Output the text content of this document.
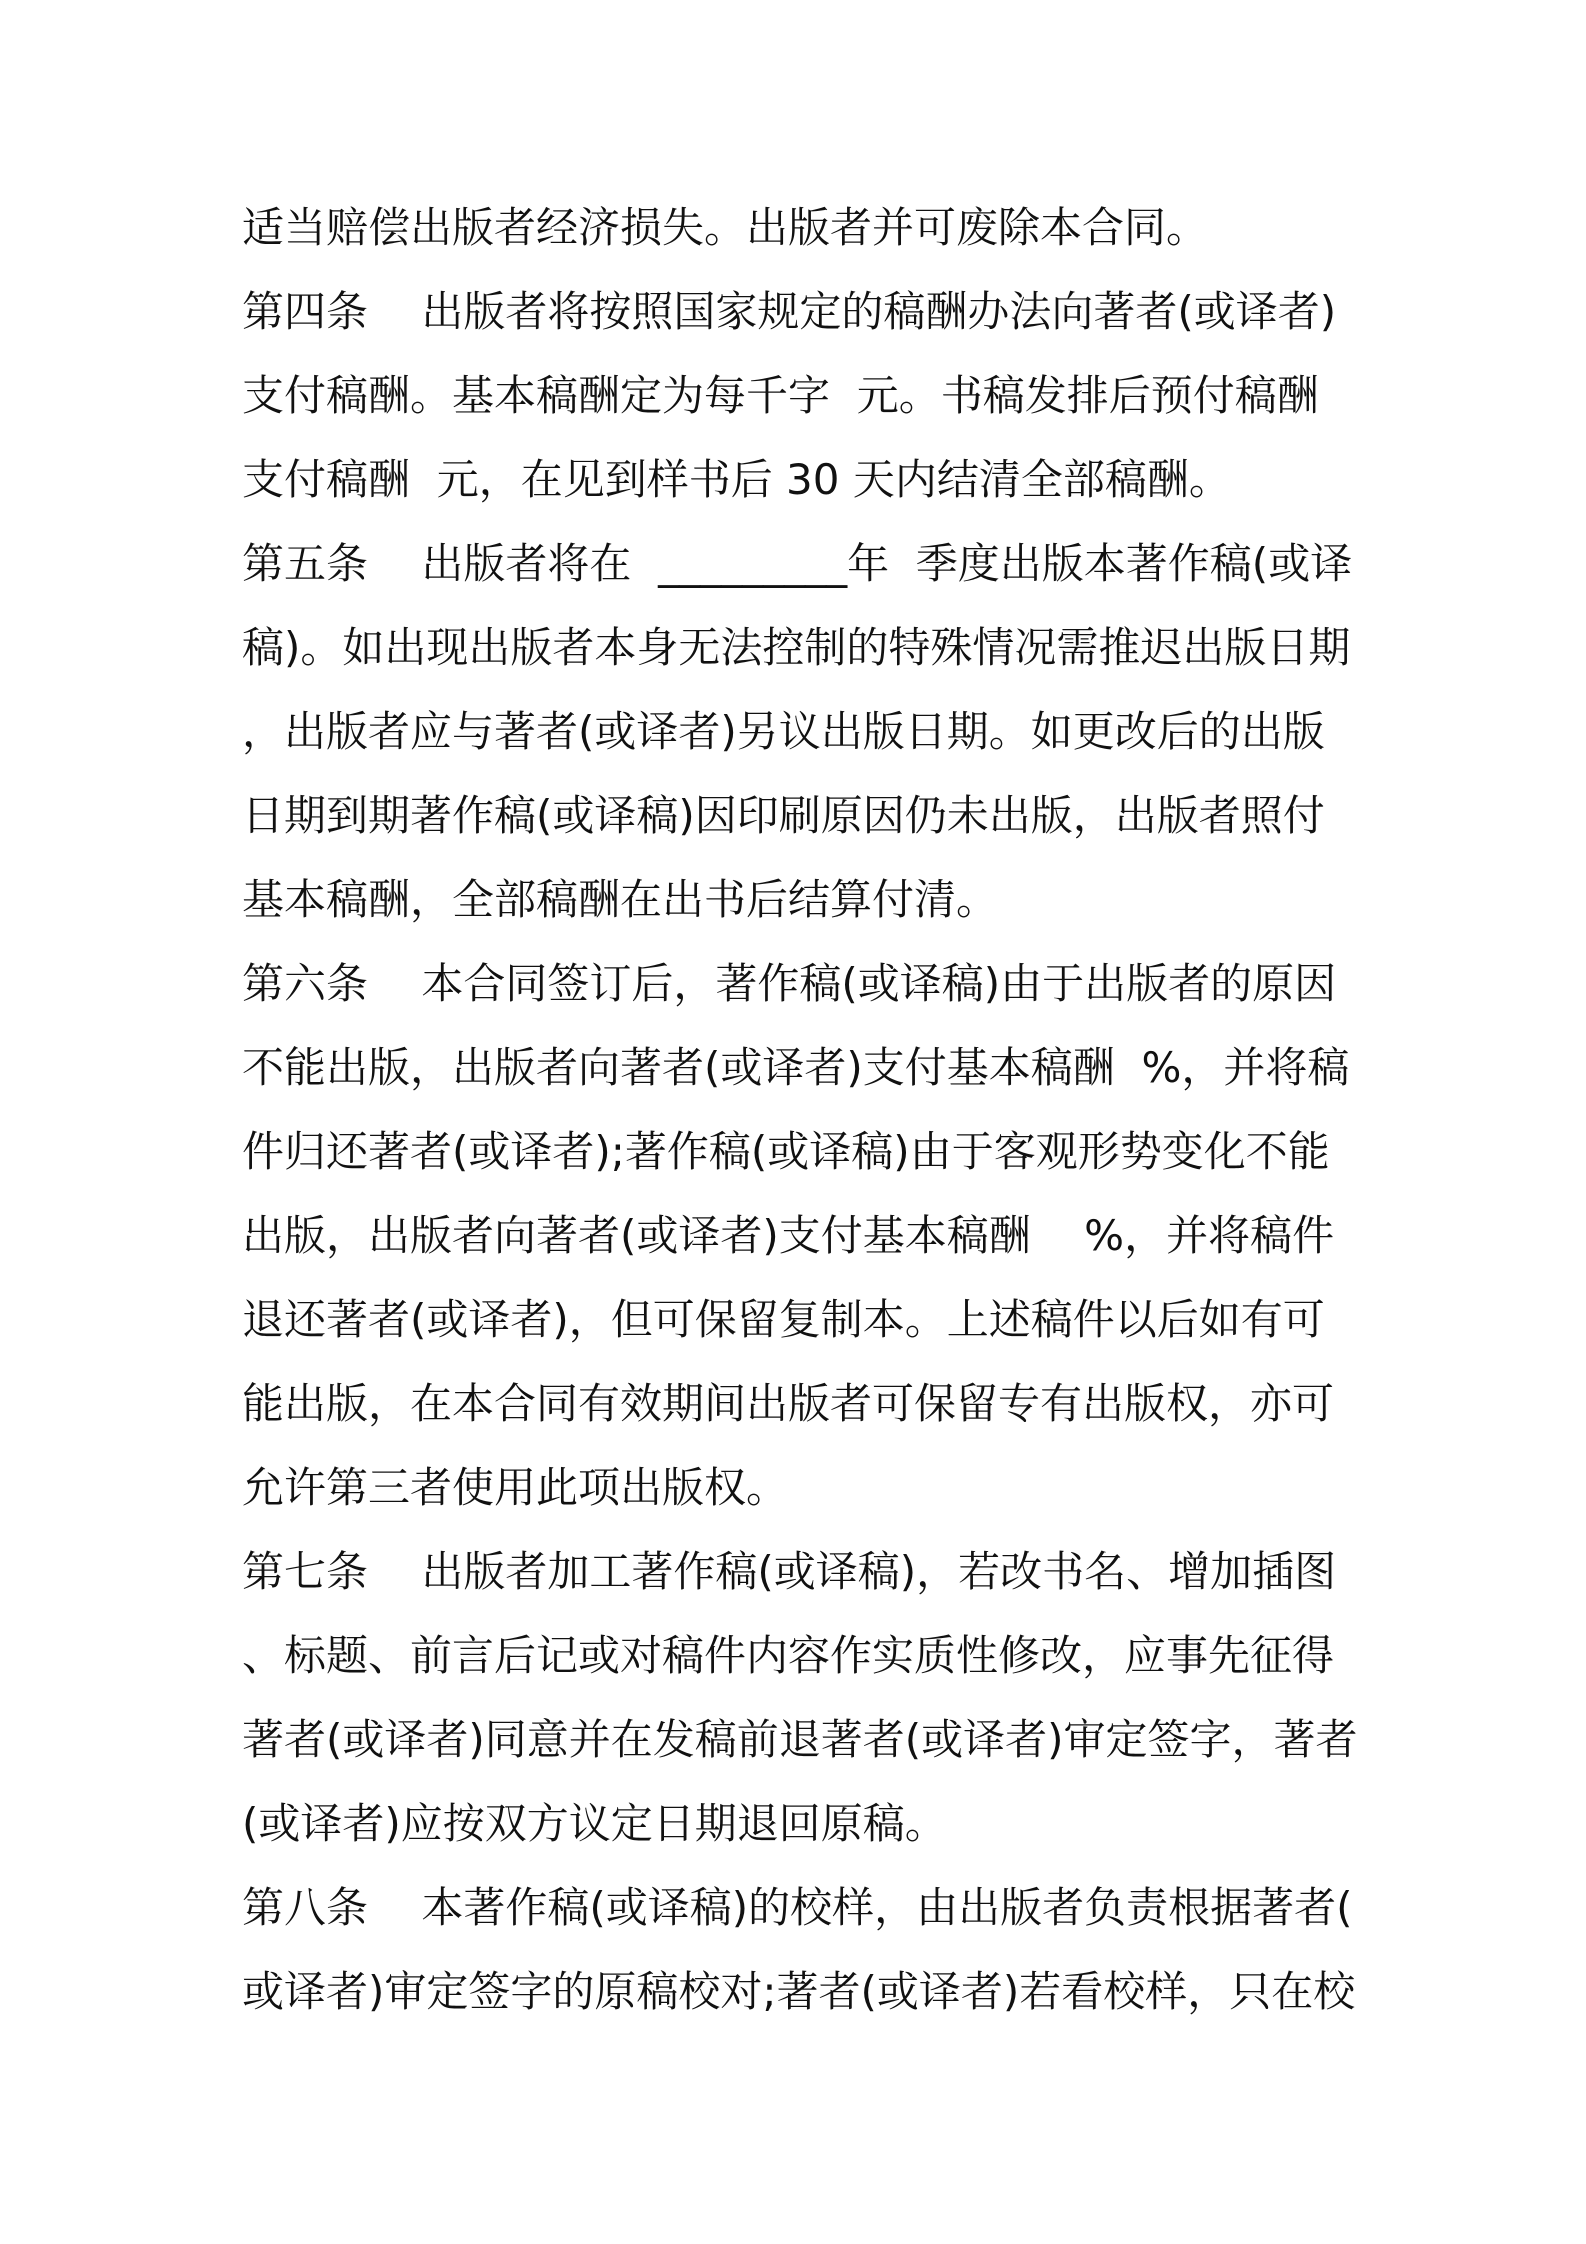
适当赔偿出版者经济损失。出版者并可废除本合同。
第四条    出版者将按照国家规定的稿酬办法向著者(或译者)
支付稿酬。基本稿酬定为每千字  元。书稿发排后预付稿酬
支付稿酬  元，在见到样书后 30 天内结清全部稿酬。
第五条    出版者将在  _________年  季度出版本著作稿(或译
稿)。如出现出版者本身无法控制的特殊情况需推迟出版日期
，出版者应与著者(或译者)另议出版日期。如更改后的出版
日期到期著作稿(或译稿)因印刷原因仍未出版，出版者照付
基本稿酬，全部稿酬在出书后结算付清。
第六条    本合同签订后，著作稿(或译稿)由于出版者的原因
不能出版，出版者向著者(或译者)支付基本稿酬  %，并将稿
件归还著者(或译者);著作稿(或译稿)由于客观形势变化不能
出版，出版者向著者(或译者)支付基本稿酬    %，并将稿件
退还著者(或译者)，但可保留复制本。上述稿件以后如有可
能出版，在本合同有效期间出版者可保留专有出版权，亦可
允许第三者使用此项出版权。
第七条    出版者加工著作稿(或译稿)，若改书名、增加插图
、标题、前言后记或对稿件内容作实质性修改，应事先征得
著者(或译者)同意并在发稿前退著者(或译者)审定签字，著者
(或译者)应按双方议定日期退回原稿。
第八条    本著作稿(或译稿)的校样，由出版者负责根据著者(
或译者)审定签字的原稿校对;著者(或译者)若看校样，只在校
